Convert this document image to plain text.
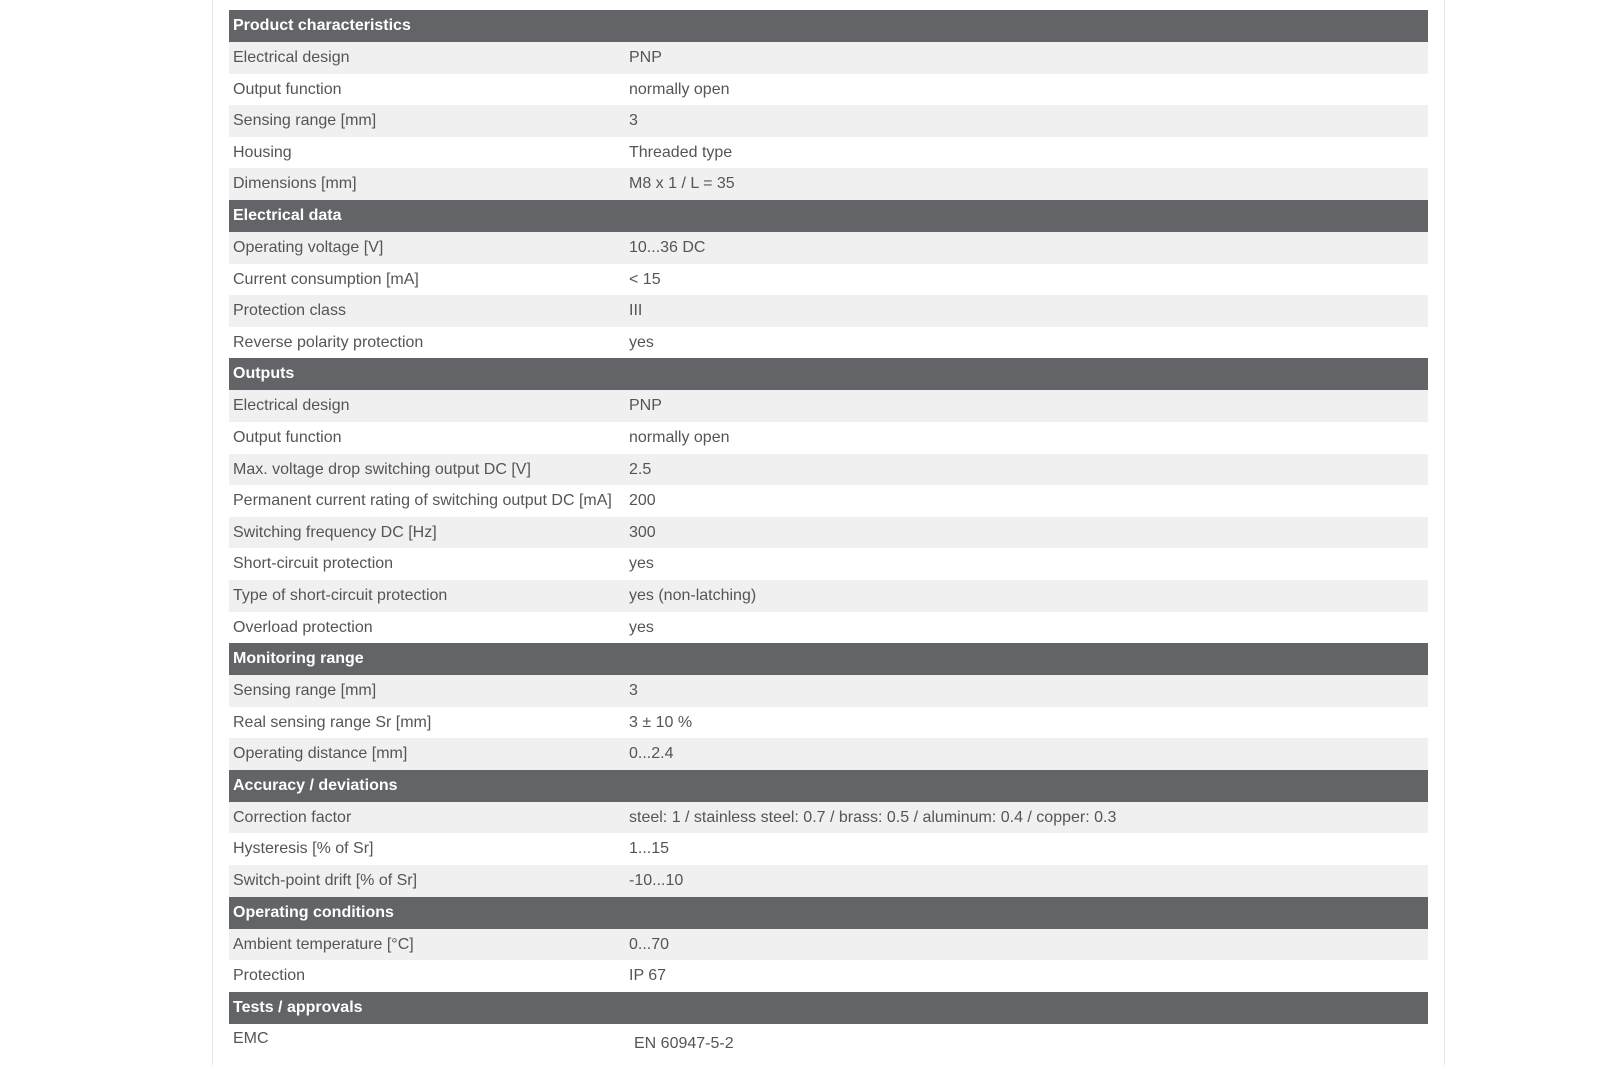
Product characteristics
Electrical design	PNP
Output function	normally open
Sensing range [mm]	3
Housing	Threaded type
Dimensions [mm]	M8 x 1 / L = 35
Electrical data
Operating voltage [V]	10...36 DC
Current consumption [mA]	< 15
Protection class	III
Reverse polarity protection	yes
Outputs
Electrical design	PNP
Output function	normally open
Max. voltage drop switching output DC [V]	2.5
Permanent current rating of switching output DC [mA]	200
Switching frequency DC [Hz]	300
Short-circuit protection	yes
Type of short-circuit protection	yes (non-latching)
Overload protection	yes
Monitoring range
Sensing range [mm]	3
Real sensing range Sr [mm]	3 ± 10 %
Operating distance [mm]	0...2.4
Accuracy / deviations
Correction factor	steel: 1 / stainless steel: 0.7 / brass: 0.5 / aluminum: 0.4 / copper: 0.3
Hysteresis [% of Sr]	1...15
Switch-point drift [% of Sr]	-10...10
Operating conditions
Ambient temperature [°C]	0...70
Protection	IP 67
Tests / approvals
EMC	EN 60947-5-2
